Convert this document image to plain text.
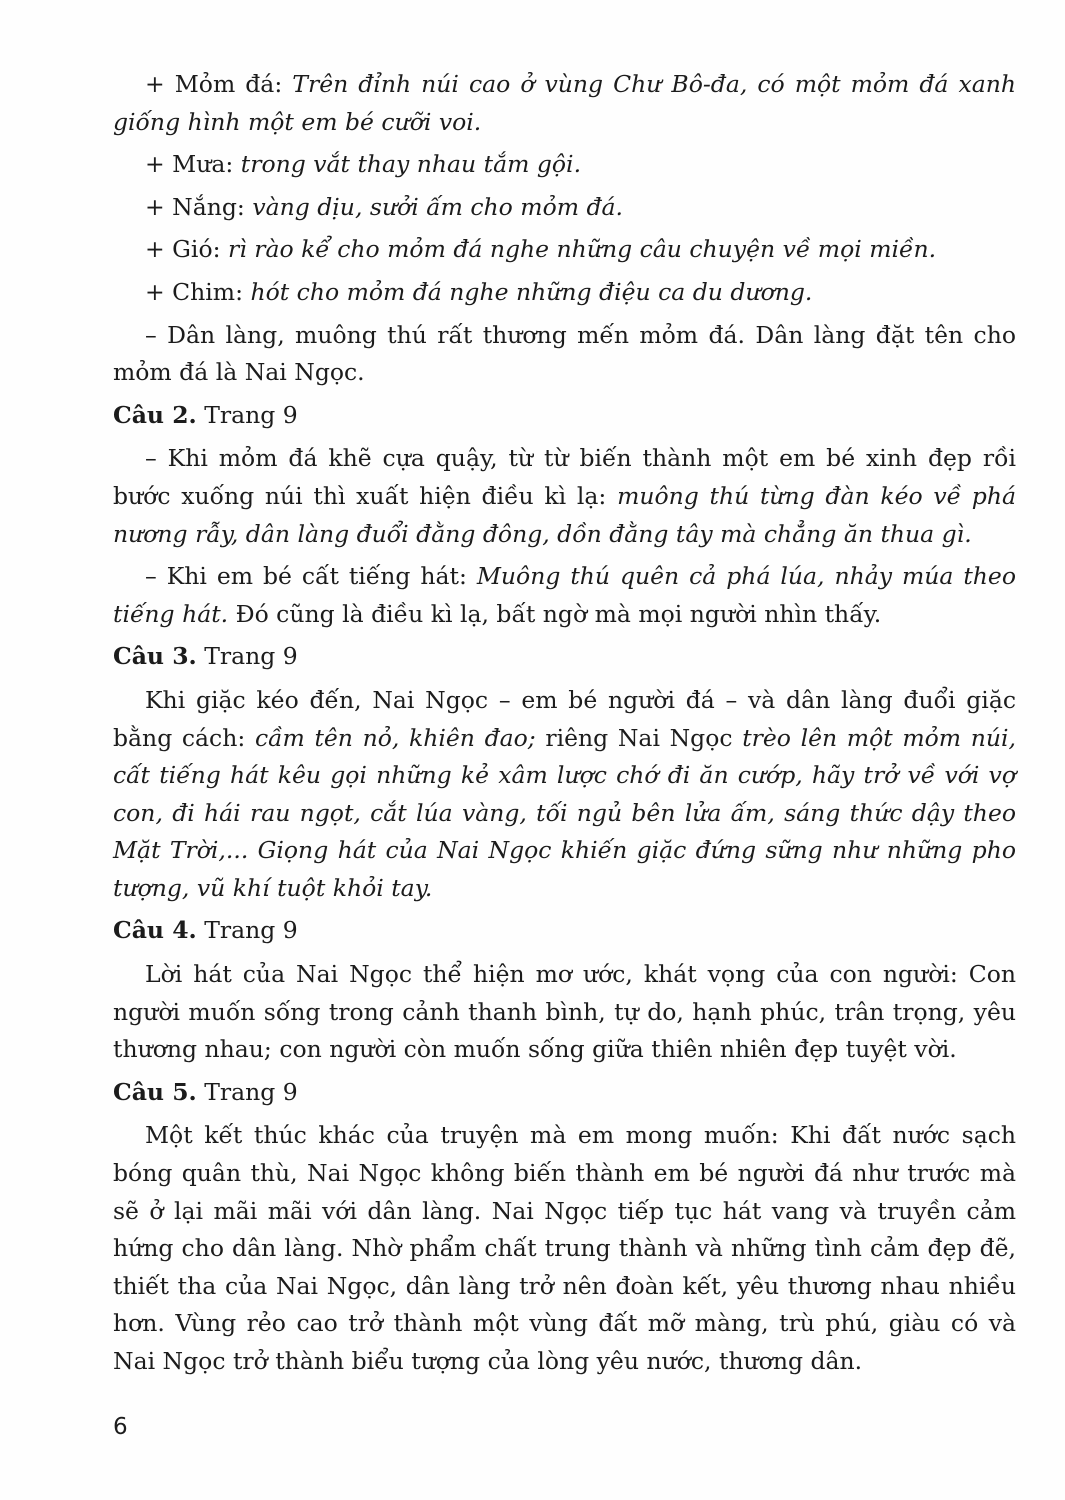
+ Mỏm đá: Trên đỉnh núi cao ở vùng Chư Bô-đa, có một mỏm đá xanh giống hình một em bé cưỡi voi.

+ Mưa: trong vắt thay nhau tắm gội.

+ Nắng: vàng dịu, sưởi ấm cho mỏm đá.

+ Gió: rì rào kể cho mỏm đá nghe những câu chuyện về mọi miền.

+ Chim: hót cho mỏm đá nghe những điệu ca du dương.

– Dân làng, muông thú rất thương mến mỏm đá. Dân làng đặt tên cho mỏm đá là Nai Ngọc.

Câu 2. Trang 9

– Khi mỏm đá khẽ cựa quậy, từ từ biến thành một em bé xinh đẹp rồi bước xuống núi thì xuất hiện điều kì lạ: muông thú từng đàn kéo về phá nương rẫy, dân làng đuổi đằng đông, dồn đằng tây mà chẳng ăn thua gì.

– Khi em bé cất tiếng hát: Muông thú quên cả phá lúa, nhảy múa theo tiếng hát. Đó cũng là điều kì lạ, bất ngờ mà mọi người nhìn thấy.

Câu 3. Trang 9

Khi giặc kéo đến, Nai Ngọc – em bé người đá – và dân làng đuổi giặc bằng cách: cầm tên nỏ, khiên đao; riêng Nai Ngọc trèo lên một mỏm núi, cất tiếng hát kêu gọi những kẻ xâm lược chớ đi ăn cướp, hãy trở về với vợ con, đi hái rau ngọt, cắt lúa vàng, tối ngủ bên lửa ấm, sáng thức dậy theo Mặt Trời,... Giọng hát của Nai Ngọc khiến giặc đứng sững như những pho tượng, vũ khí tuột khỏi tay.

Câu 4. Trang 9

Lời hát của Nai Ngọc thể hiện mơ ước, khát vọng của con người: Con người muốn sống trong cảnh thanh bình, tự do, hạnh phúc, trân trọng, yêu thương nhau; con người còn muốn sống giữa thiên nhiên đẹp tuyệt vời.

Câu 5. Trang 9

Một kết thúc khác của truyện mà em mong muốn: Khi đất nước sạch bóng quân thù, Nai Ngọc không biến thành em bé người đá như trước mà sẽ ở lại mãi mãi với dân làng. Nai Ngọc tiếp tục hát vang và truyền cảm hứng cho dân làng. Nhờ phẩm chất trung thành và những tình cảm đẹp đẽ, thiết tha của Nai Ngọc, dân làng trở nên đoàn kết, yêu thương nhau nhiều hơn. Vùng rẻo cao trở thành một vùng đất mỡ màng, trù phú, giàu có và Nai Ngọc trở thành biểu tượng của lòng yêu nước, thương dân.

6
